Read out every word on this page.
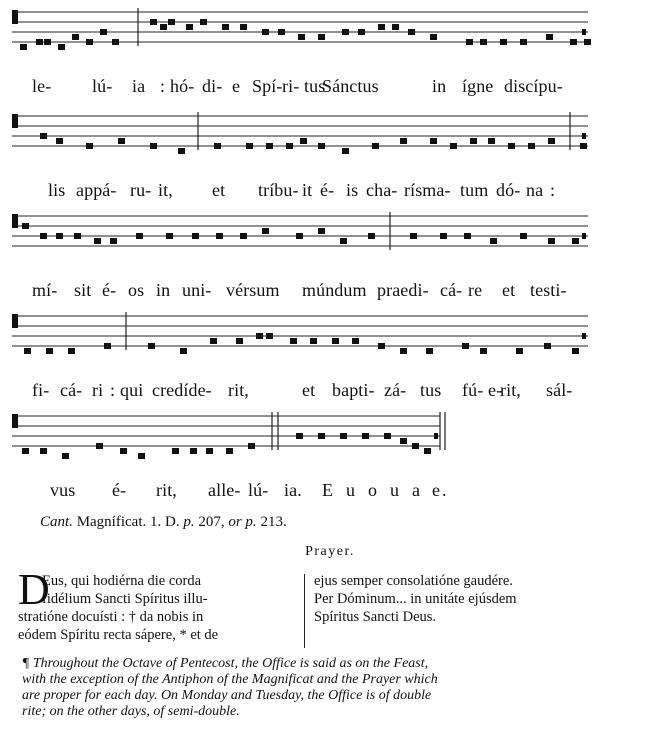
le- lú- ia : hó- di- e Spí- ri- tus
Sánctus	in ígne discípu-
lis appá- ru- it, et tríbu- it é- is cha- rísma- tum dó- na :
mí- sit é- os in uni- vérsum múndum praedi- cá- re et testi-
fi- cá- ri : qui credíde- rit,	et bapti- zá- tus fú- e-
rit, sál-
vus é- rit, alle- lú- ia. E u o u a e.
Cant. Magníficat. 1. D. p. 207, or p. 213.
Prayer.
D
Eus, qui hodiérna die corda
fidélium Sancti Spíritus illu-
stratióne docuísti : † da nobis in
eódem Spíritu recta sápere, * et de
ejus semper consolatióne gaudére.
Per Dóminum... in unitáte ejúsdem
Spíritus Sancti Deus.
¶ Throughout the Octave of Pentecost, the Office is said as on the Feast,
with the exception of the Antiphon of the Magnificat and the Prayer which
are proper for each day. On Monday and Tuesday, the Office is of double
rite; on the other days, of semi-double.
